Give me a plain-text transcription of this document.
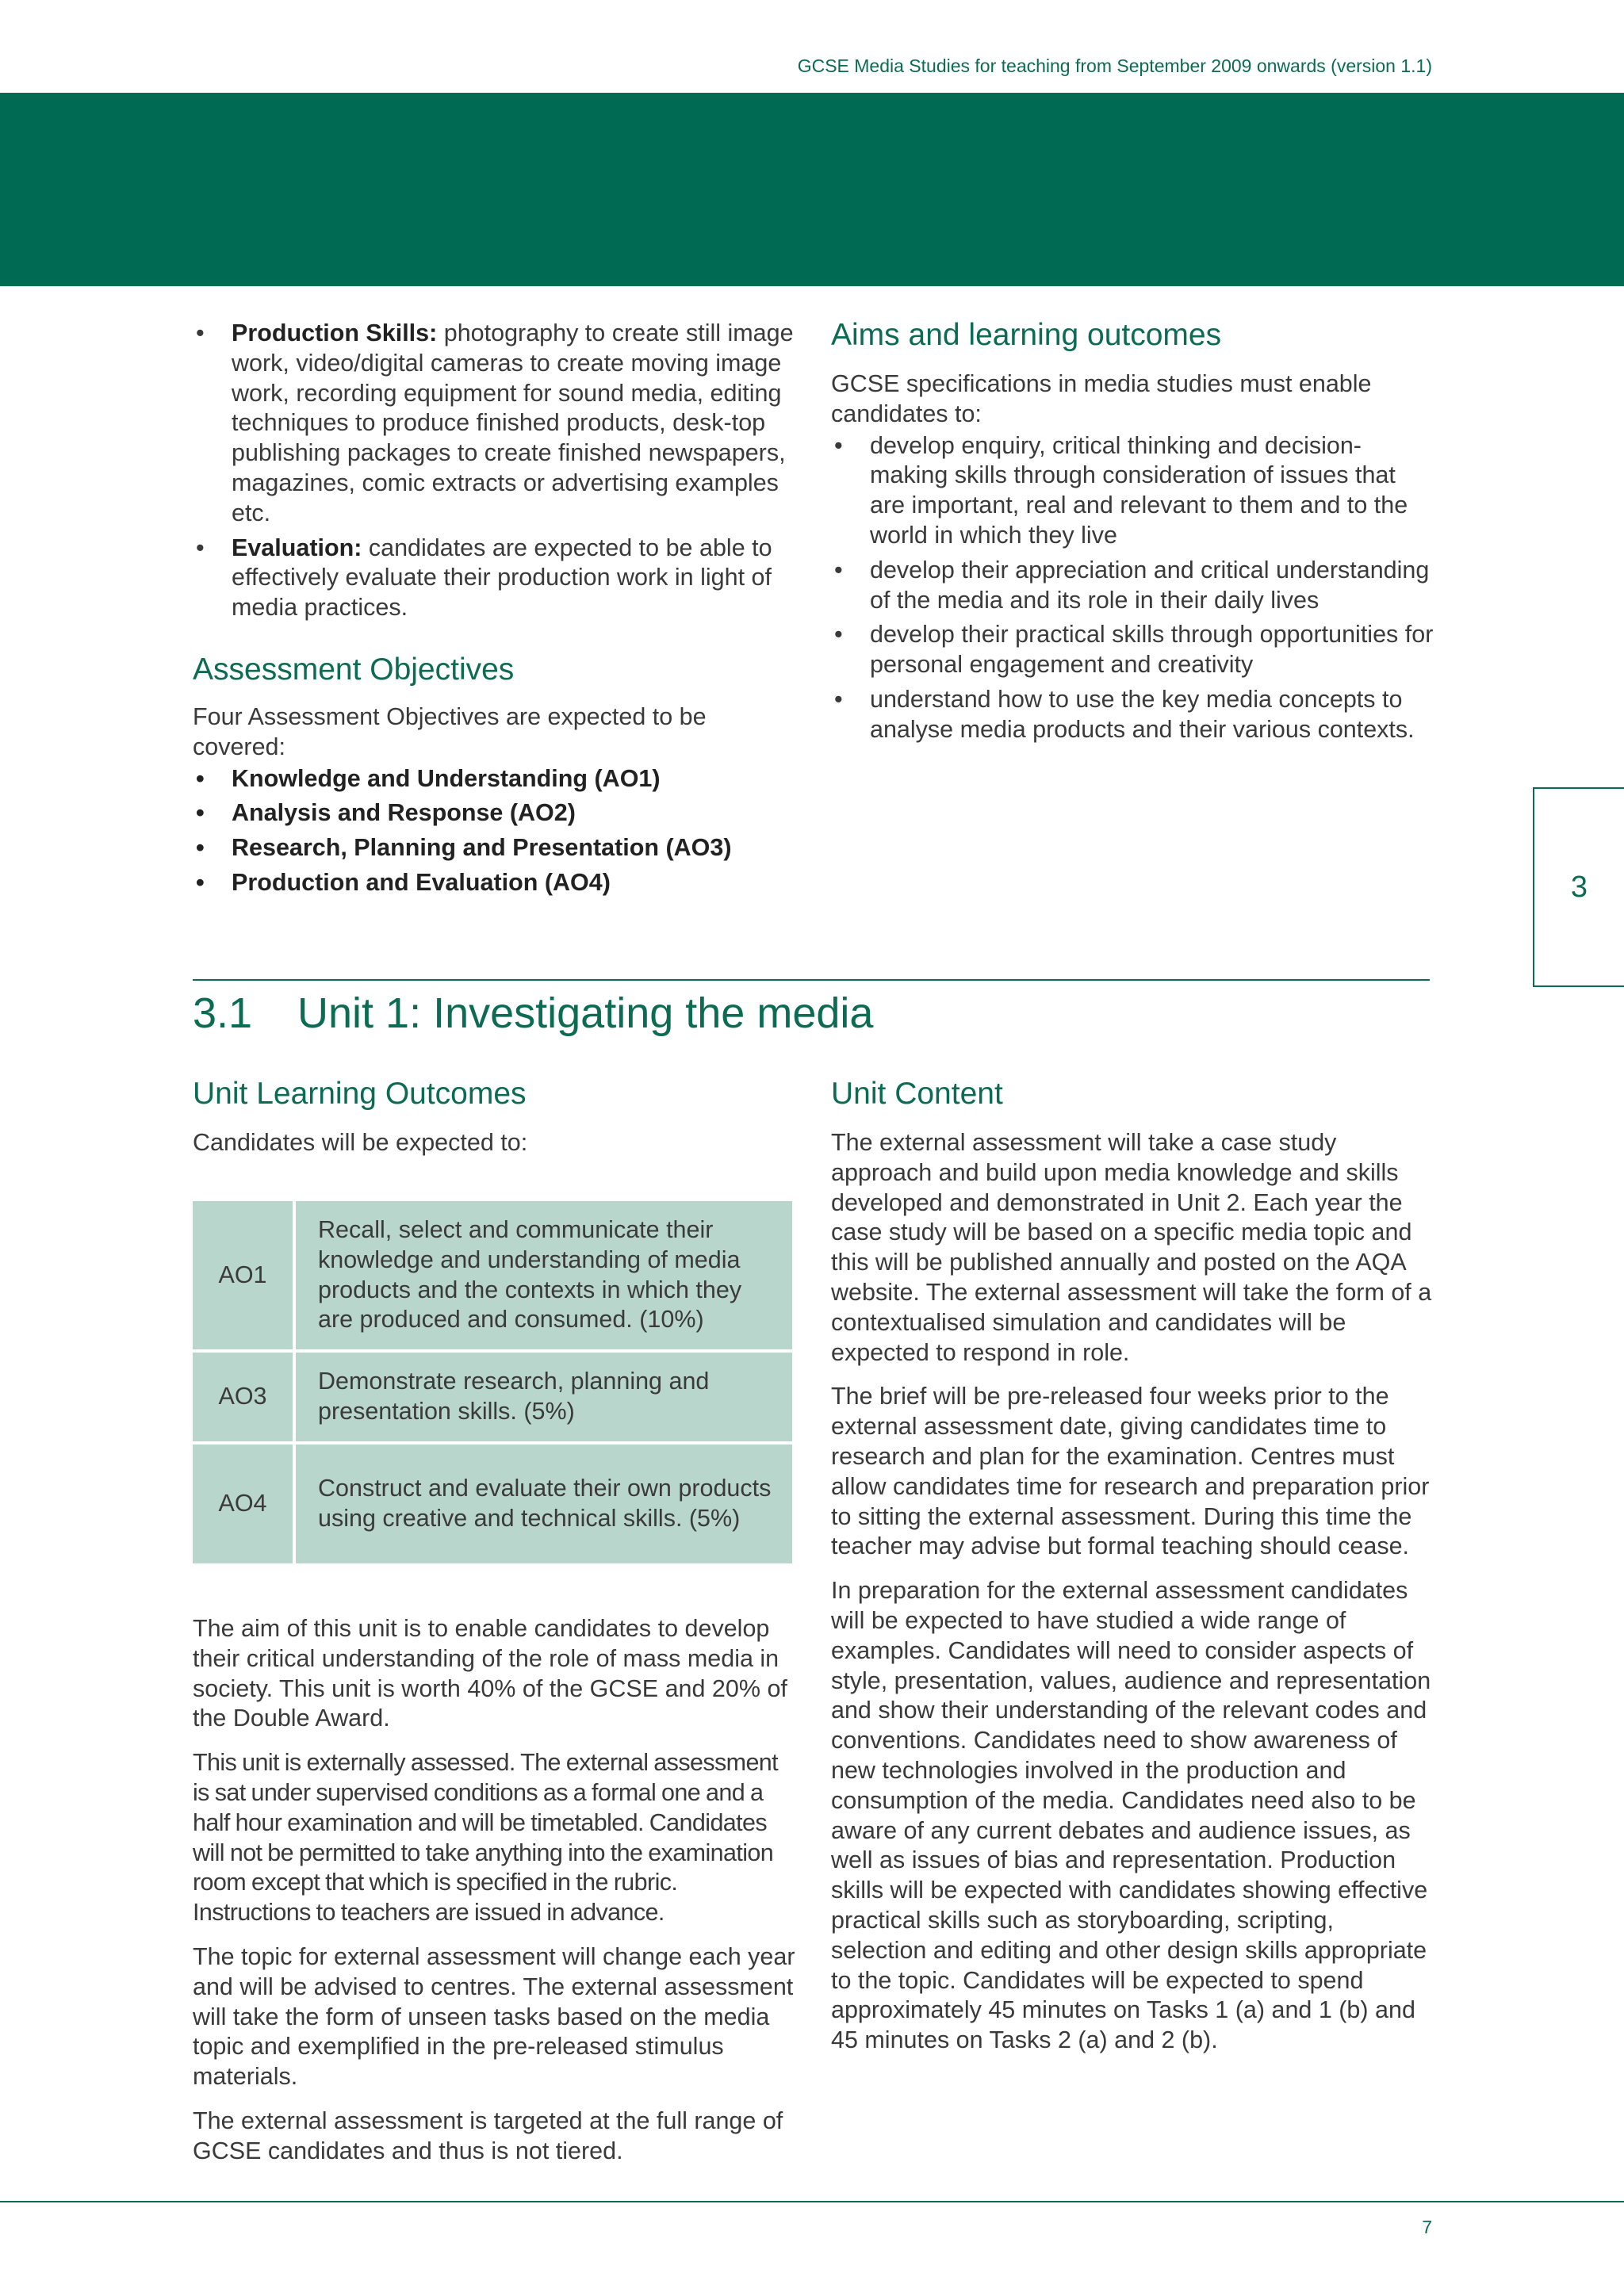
GCSE Media Studies for teaching from September 2009 onwards (version 1.1)
• Production Skills: photography to create still image work, video/digital cameras to create moving image work, recording equipment for sound media, editing techniques to produce finished products, desk-top publishing packages to create finished newspapers, magazines, comic extracts or advertising examples etc.
• Evaluation: candidates are expected to be able to effectively evaluate their production work in light of media practices.
Assessment Objectives

Four Assessment Objectives are expected to be covered:

• Knowledge and Understanding (AO1)
• Analysis and Response (AO2)
• Research, Planning and Presentation (AO3)
• Production and Evaluation (AO4)
Aims and learning outcomes

GCSE specifications in media studies must enable candidates to:

• develop enquiry, critical thinking and decision-making skills through consideration of issues that are important, real and relevant to them and to the world in which they live
• develop their appreciation and critical understanding of the media and its role in their daily lives
• develop their practical skills through opportunities for personal engagement and creativity
• understand how to use the key media concepts to analyse media products and their various contexts.
3
3.1 Unit 1: Investigating the media
Unit Learning Outcomes

Candidates will be expected to:

AO1	Recall, select and communicate their knowledge and understanding of media products and the contexts in which they are produced and consumed. (10%)
AO3	Demonstrate research, planning and presentation skills. (5%)
AO4	Construct and evaluate their own products using creative and technical skills. (5%)

The aim of this unit is to enable candidates to develop their critical understanding of the role of mass media in society. This unit is worth 40% of the GCSE and 20% of the Double Award.

This unit is externally assessed. The external assessment is sat under supervised conditions as a formal one and a half hour examination and will be timetabled. Candidates will not be permitted to take anything into the examination room except that which is specified in the rubric. Instructions to teachers are issued in advance.

The topic for external assessment will change each year and will be advised to centres. The external assessment will take the form of unseen tasks based on the media topic and exemplified in the pre-released stimulus materials.

The external assessment is targeted at the full range of GCSE candidates and thus is not tiered.

Unit Content

The external assessment will take a case study approach and build upon media knowledge and skills developed and demonstrated in Unit 2. Each year the case study will be based on a specific media topic and this will be published annually and posted on the AQA website. The external assessment will take the form of a contextualised simulation and candidates will be expected to respond in role.

The brief will be pre-released four weeks prior to the external assessment date, giving candidates time to research and plan for the examination. Centres must allow candidates time for research and preparation prior to sitting the external assessment. During this time the teacher may advise but formal teaching should cease.

In preparation for the external assessment candidates will be expected to have studied a wide range of examples. Candidates will need to consider aspects of style, presentation, values, audience and representation and show their understanding of the relevant codes and conventions. Candidates need to show awareness of new technologies involved in the production and consumption of the media. Candidates need also to be aware of any current debates and audience issues, as well as issues of bias and representation. Production skills will be expected with candidates showing effective practical skills such as storyboarding, scripting, selection and editing and other design skills appropriate to the topic. Candidates will be expected to spend approximately 45 minutes on Tasks 1 (a) and 1 (b) and 45 minutes on Tasks 2 (a) and 2 (b).

7
